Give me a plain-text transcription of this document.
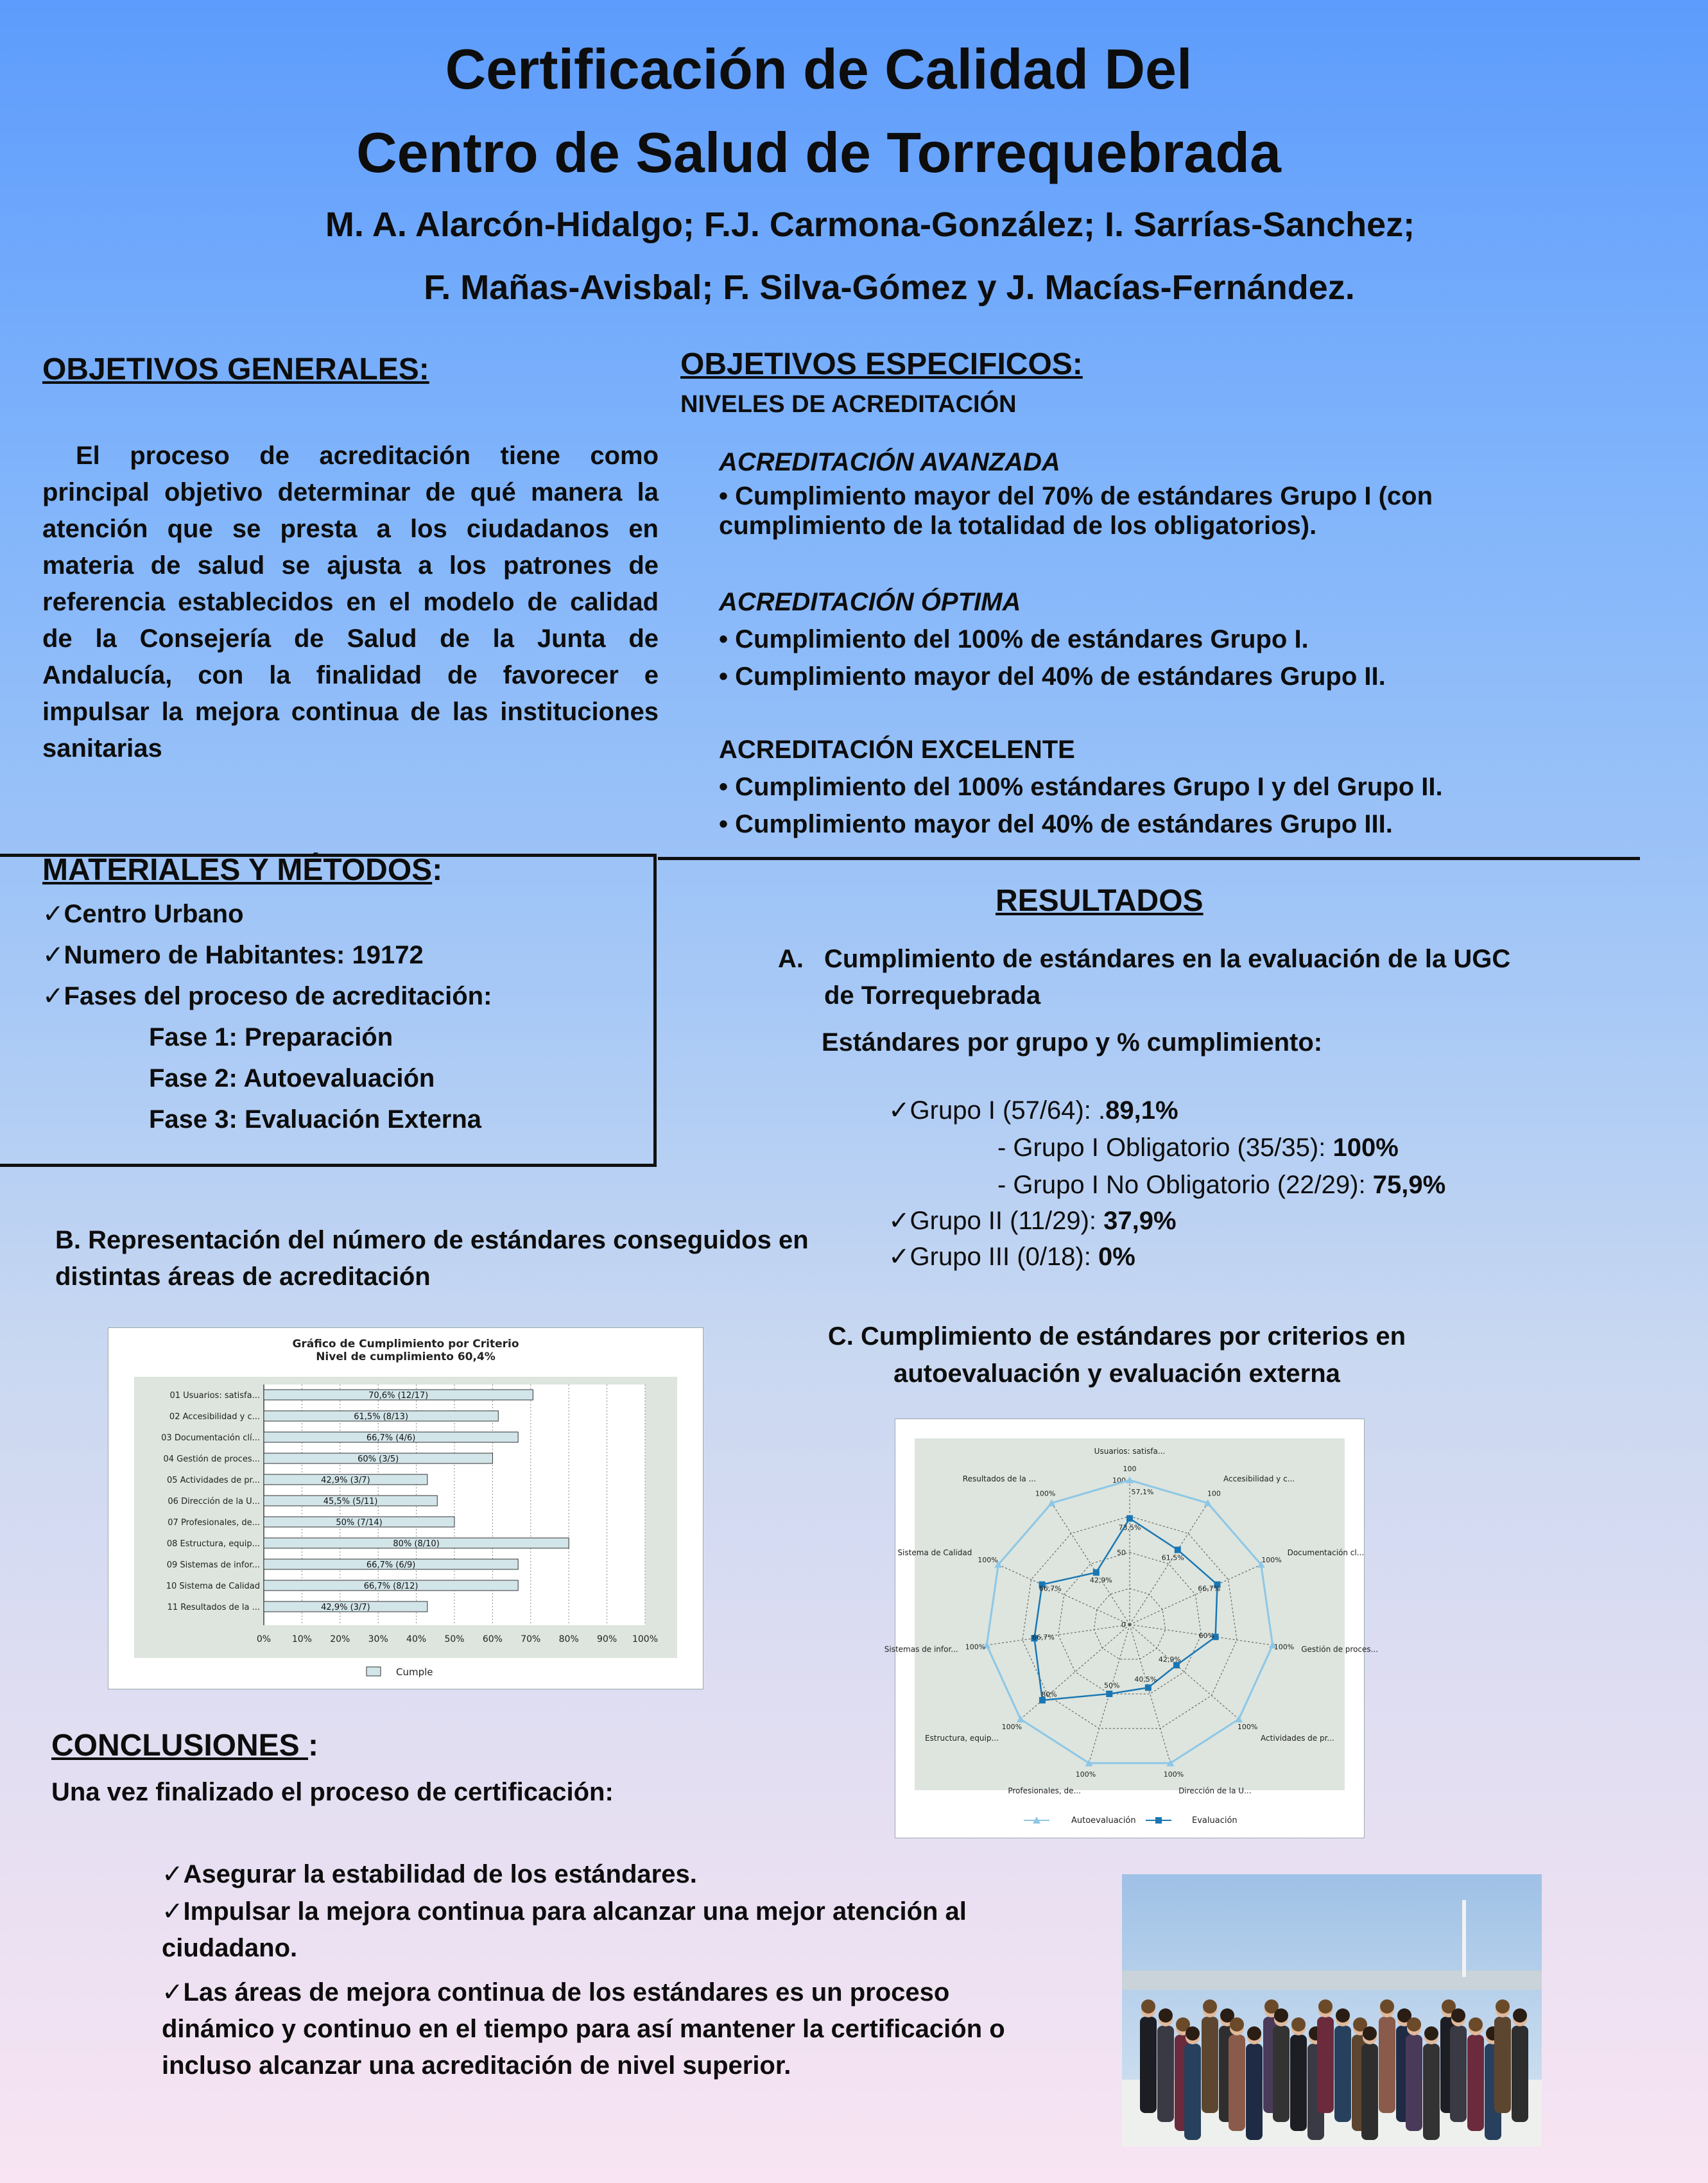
Certificación de Calidad Del
Centro de Salud de Torrequebrada
M. A. Alarcón-Hidalgo; F.J. Carmona-González; I. Sarrías-Sanchez;
F. Mañas-Avisbal; F. Silva-Gómez y J. Macías-Fernández.
OBJETIVOS GENERALES:
El proceso de acreditación tiene como principal objetivo determinar de qué manera la atención que se presta a los ciudadanos en materia de salud se ajusta a los patrones de referencia establecidos en el modelo de calidad de la Consejería de Salud de la Junta de Andalucía, con la finalidad de favorecer e impulsar la mejora continua de las instituciones sanitarias
OBJETIVOS ESPECIFICOS:
NIVELES DE ACREDITACIÓN
ACREDITACIÓN AVANZADA
• Cumplimiento mayor del 70% de estándares Grupo I (con cumplimiento de la totalidad de los obligatorios).
ACREDITACIÓN ÓPTIMA
• Cumplimiento del 100% de estándares Grupo I.
• Cumplimiento mayor del 40% de estándares Grupo II.
ACREDITACIÓN EXCELENTE
• Cumplimiento del 100% estándares Grupo I y del Grupo II.
• Cumplimiento mayor del 40% de estándares Grupo III.
MATERIALES Y MÉTODOS:
✓Centro Urbano
✓Numero de Habitantes: 19172
✓Fases del proceso de acreditación:
Fase 1: Preparación
Fase 2: Autoevaluación
Fase 3: Evaluación Externa
RESULTADOS
A. Cumplimiento de estándares en la evaluación de la UGC de Torrequebrada
Estándares por grupo y % cumplimiento:
✓Grupo I (57/64): .89,1%
- Grupo I Obligatorio (35/35): 100%
- Grupo I No Obligatorio (22/29): 75,9%
✓Grupo II (11/29): 37,9%
✓Grupo III (0/18): 0%
B. Representación del número de estándares conseguidos en distintas áreas de acreditación
C. Cumplimiento de estándares por criterios en
autoevaluación y evaluación externa
Gráfico de Cumplimiento por Criterio
Nivel de cumplimiento 60,4%
0% 10% 20% 30% 40% 50% 60% 70% 80% 90% 100%
01 Usuarios: satisfa...	70,6% (12/17)
02 Accesibilidad y c...	61,5% (8/13)
03 Documentación clí...	66,7% (4/6)
04 Gestión de proces...	60% (3/5)
05 Actividades de pr...	42,9% (3/7)
06 Dirección de la U...	45,5% (5/11)
07 Profesionales, de...	50% (7/14)
08 Estructura, equip...	80% (8/10)
09 Sistemas de infor...	66,7% (6/9)
10 Sistema de Calidad	66,7% (8/12)
11 Resultados de la ...	42,9% (3/7)
Cumple
Usuarios: satisfa...
Accesibilidad y c...
Documentación cl...
Gestión de proces...
Actividades de pr...
Dirección de la U...
Profesionales, de...
Estructura, equip...
Sistemas de infor...
Sistema de Calidad
Resultados de la ...
0
50
100
100
100
100%
100%
100%
100%
100%
100%
100%
100%
100%
73,5%
61,5%
66,7%
60%
42,9%
40,5%
50%
80%
66,7%
66,7%
42,9%
57,1%
Autoevaluación	Evaluación
CONCLUSIONES :
Una vez finalizado el proceso de certificación:
✓Asegurar la estabilidad de los estándares.
✓Impulsar la mejora continua para alcanzar una mejor atención al ciudadano.
✓Las áreas de mejora continua de los estándares es un proceso dinámico y continuo en el tiempo para así mantener la certificación o incluso alcanzar una acreditación de nivel superior.
